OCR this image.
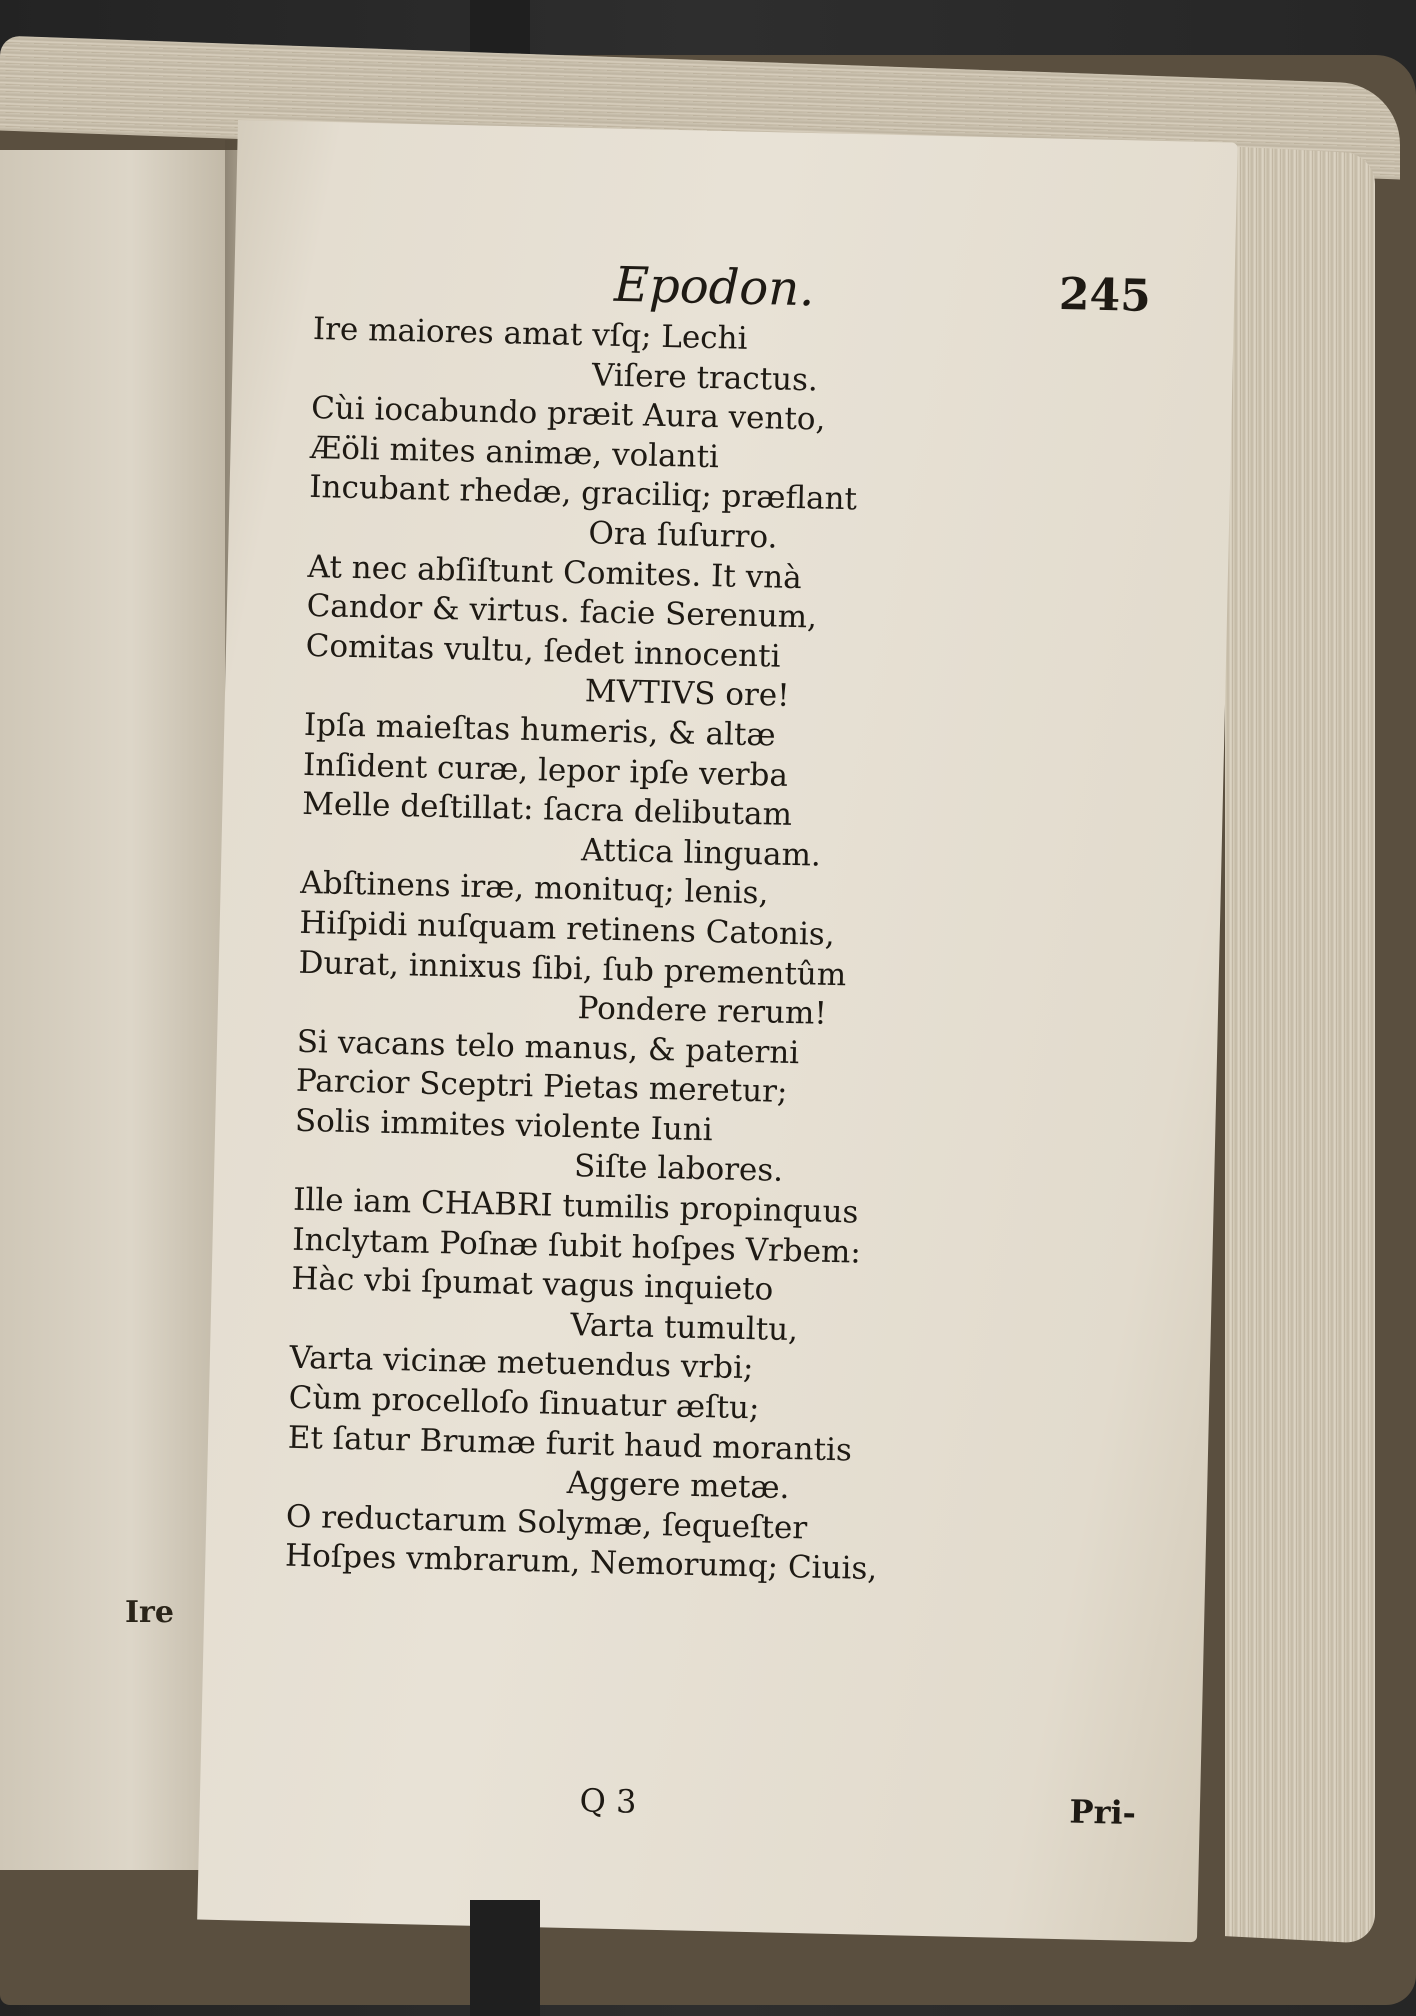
Ire

Epodon.	245

Ire maiores amat vſq; Lechi
Viſere tractus.
Cùi iocabundo præit Aura vento,
Æöli mites animæ, volanti
Incubant rhedæ, graciliq; præflant
Ora ſuſurro.
At nec abſiſtunt Comites. It vnà
Candor & virtus. facie Serenum,
Comitas vultu, ſedet innocenti
MVTIVS ore!
Ipſa maieſtas humeris, & altæ
Inſident curæ, lepor ipſe verba
Melle deſtillat: ſacra delibutam
Attica linguam.
Abſtinens iræ, monituq; lenis,
Hiſpidi nuſquam retinens Catonis,
Durat, innixus ſibi, ſub prementûm
Pondere rerum!
Si vacans telo manus, & paterni
Parcior Sceptri Pietas meretur;
Solis immites violente Iuni
Siſte labores.
Ille iam CHABRI tumilis propinquus
Inclytam Poſnæ ſubit hoſpes Vrbem:
Hàc vbi ſpumat vagus inquieto
Varta tumultu,
Varta vicinæ metuendus vrbi;
Cùm procelloſo ſinuatur æſtu;
Et ſatur Brumæ furit haud morantis
Aggere metæ.
O reductarum Solymæ, ſequeſter
Hoſpes vmbrarum, Nemorumq; Ciuis,

Q 3	Pri-
